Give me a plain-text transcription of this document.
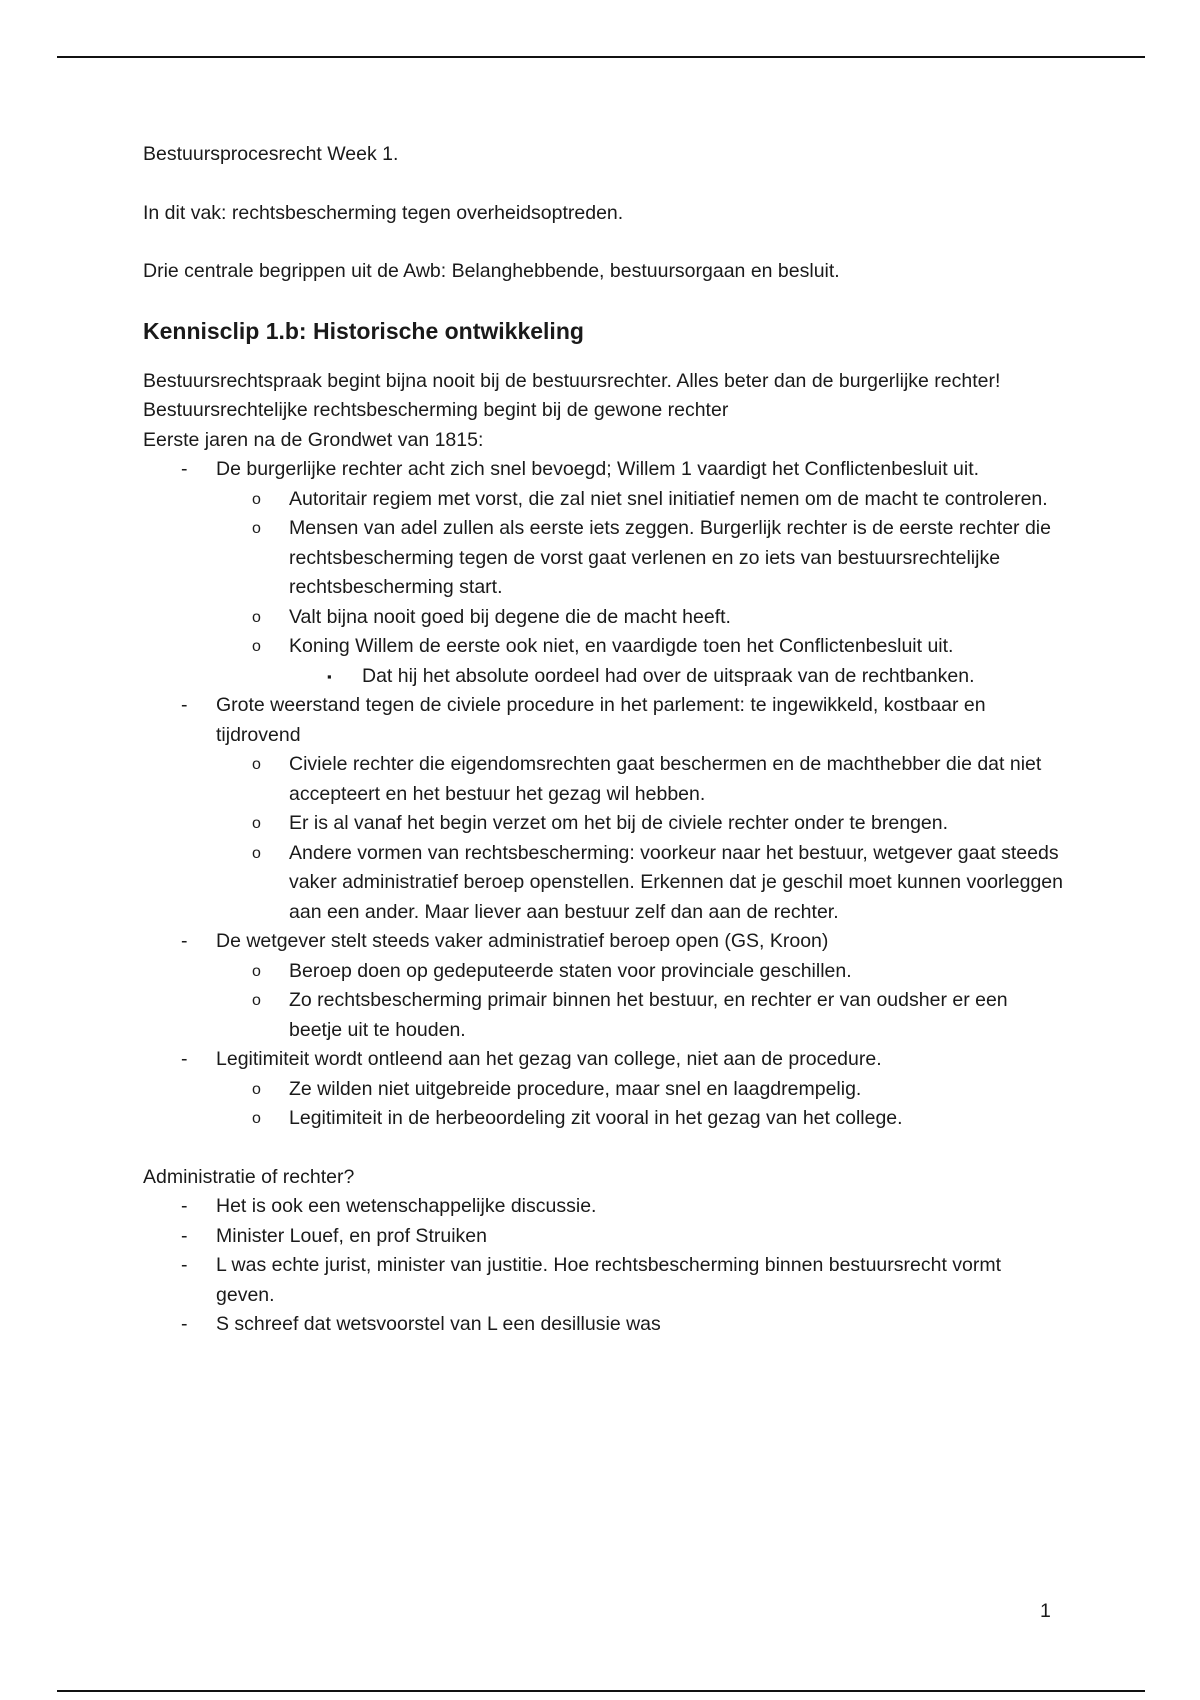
Bestuursprocesrecht Week 1.

In dit vak: rechtsbescherming tegen overheidsoptreden.

Drie centrale begrippen uit de Awb: Belanghebbende, bestuursorgaan en besluit.

Kennisclip 1.b: Historische ontwikkeling

Bestuursrechtspraak begint bijna nooit bij de bestuursrechter. Alles beter dan de burgerlijke rechter!

Bestuursrechtelijke rechtsbescherming begint bij de gewone rechter

Eerste jaren na de Grondwet van 1815:

- De burgerlijke rechter acht zich snel bevoegd; Willem 1 vaardigt het Conflictenbesluit uit.
o Autoritair regiem met vorst, die zal niet snel initiatief nemen om de macht te controleren.
o Mensen van adel zullen als eerste iets zeggen. Burgerlijk rechter is de eerste rechter die rechtsbescherming tegen de vorst gaat verlenen en zo iets van bestuursrechtelijke rechtsbescherming start.
o Valt bijna nooit goed bij degene die de macht heeft.
o Koning Willem de eerste ook niet, en vaardigde toen het Conflictenbesluit uit.
▪ Dat hij het absolute oordeel had over de uitspraak van de rechtbanken.
- Grote weerstand tegen de civiele procedure in het parlement: te ingewikkeld, kostbaar en tijdrovend
o Civiele rechter die eigendomsrechten gaat beschermen en de machthebber die dat niet accepteert en het bestuur het gezag wil hebben.
o Er is al vanaf het begin verzet om het bij de civiele rechter onder te brengen.
o Andere vormen van rechtsbescherming: voorkeur naar het bestuur, wetgever gaat steeds vaker administratief beroep openstellen. Erkennen dat je geschil moet kunnen voorleggen aan een ander. Maar liever aan bestuur zelf dan aan de rechter.
- De wetgever stelt steeds vaker administratief beroep open (GS, Kroon)
o Beroep doen op gedeputeerde staten voor provinciale geschillen.
o Zo rechtsbescherming primair binnen het bestuur, en rechter er van oudsher er een beetje uit te houden.
- Legitimiteit wordt ontleend aan het gezag van college, niet aan de procedure.
o Ze wilden niet uitgebreide procedure, maar snel en laagdrempelig.
o Legitimiteit in de herbeoordeling zit vooral in het gezag van het college.

Administratie of rechter?

- Het is ook een wetenschappelijke discussie.
- Minister Louef, en prof Struiken
- L was echte jurist, minister van justitie. Hoe rechtsbescherming binnen bestuursrecht vormt geven.
- S schreef dat wetsvoorstel van L een desillusie was
1
